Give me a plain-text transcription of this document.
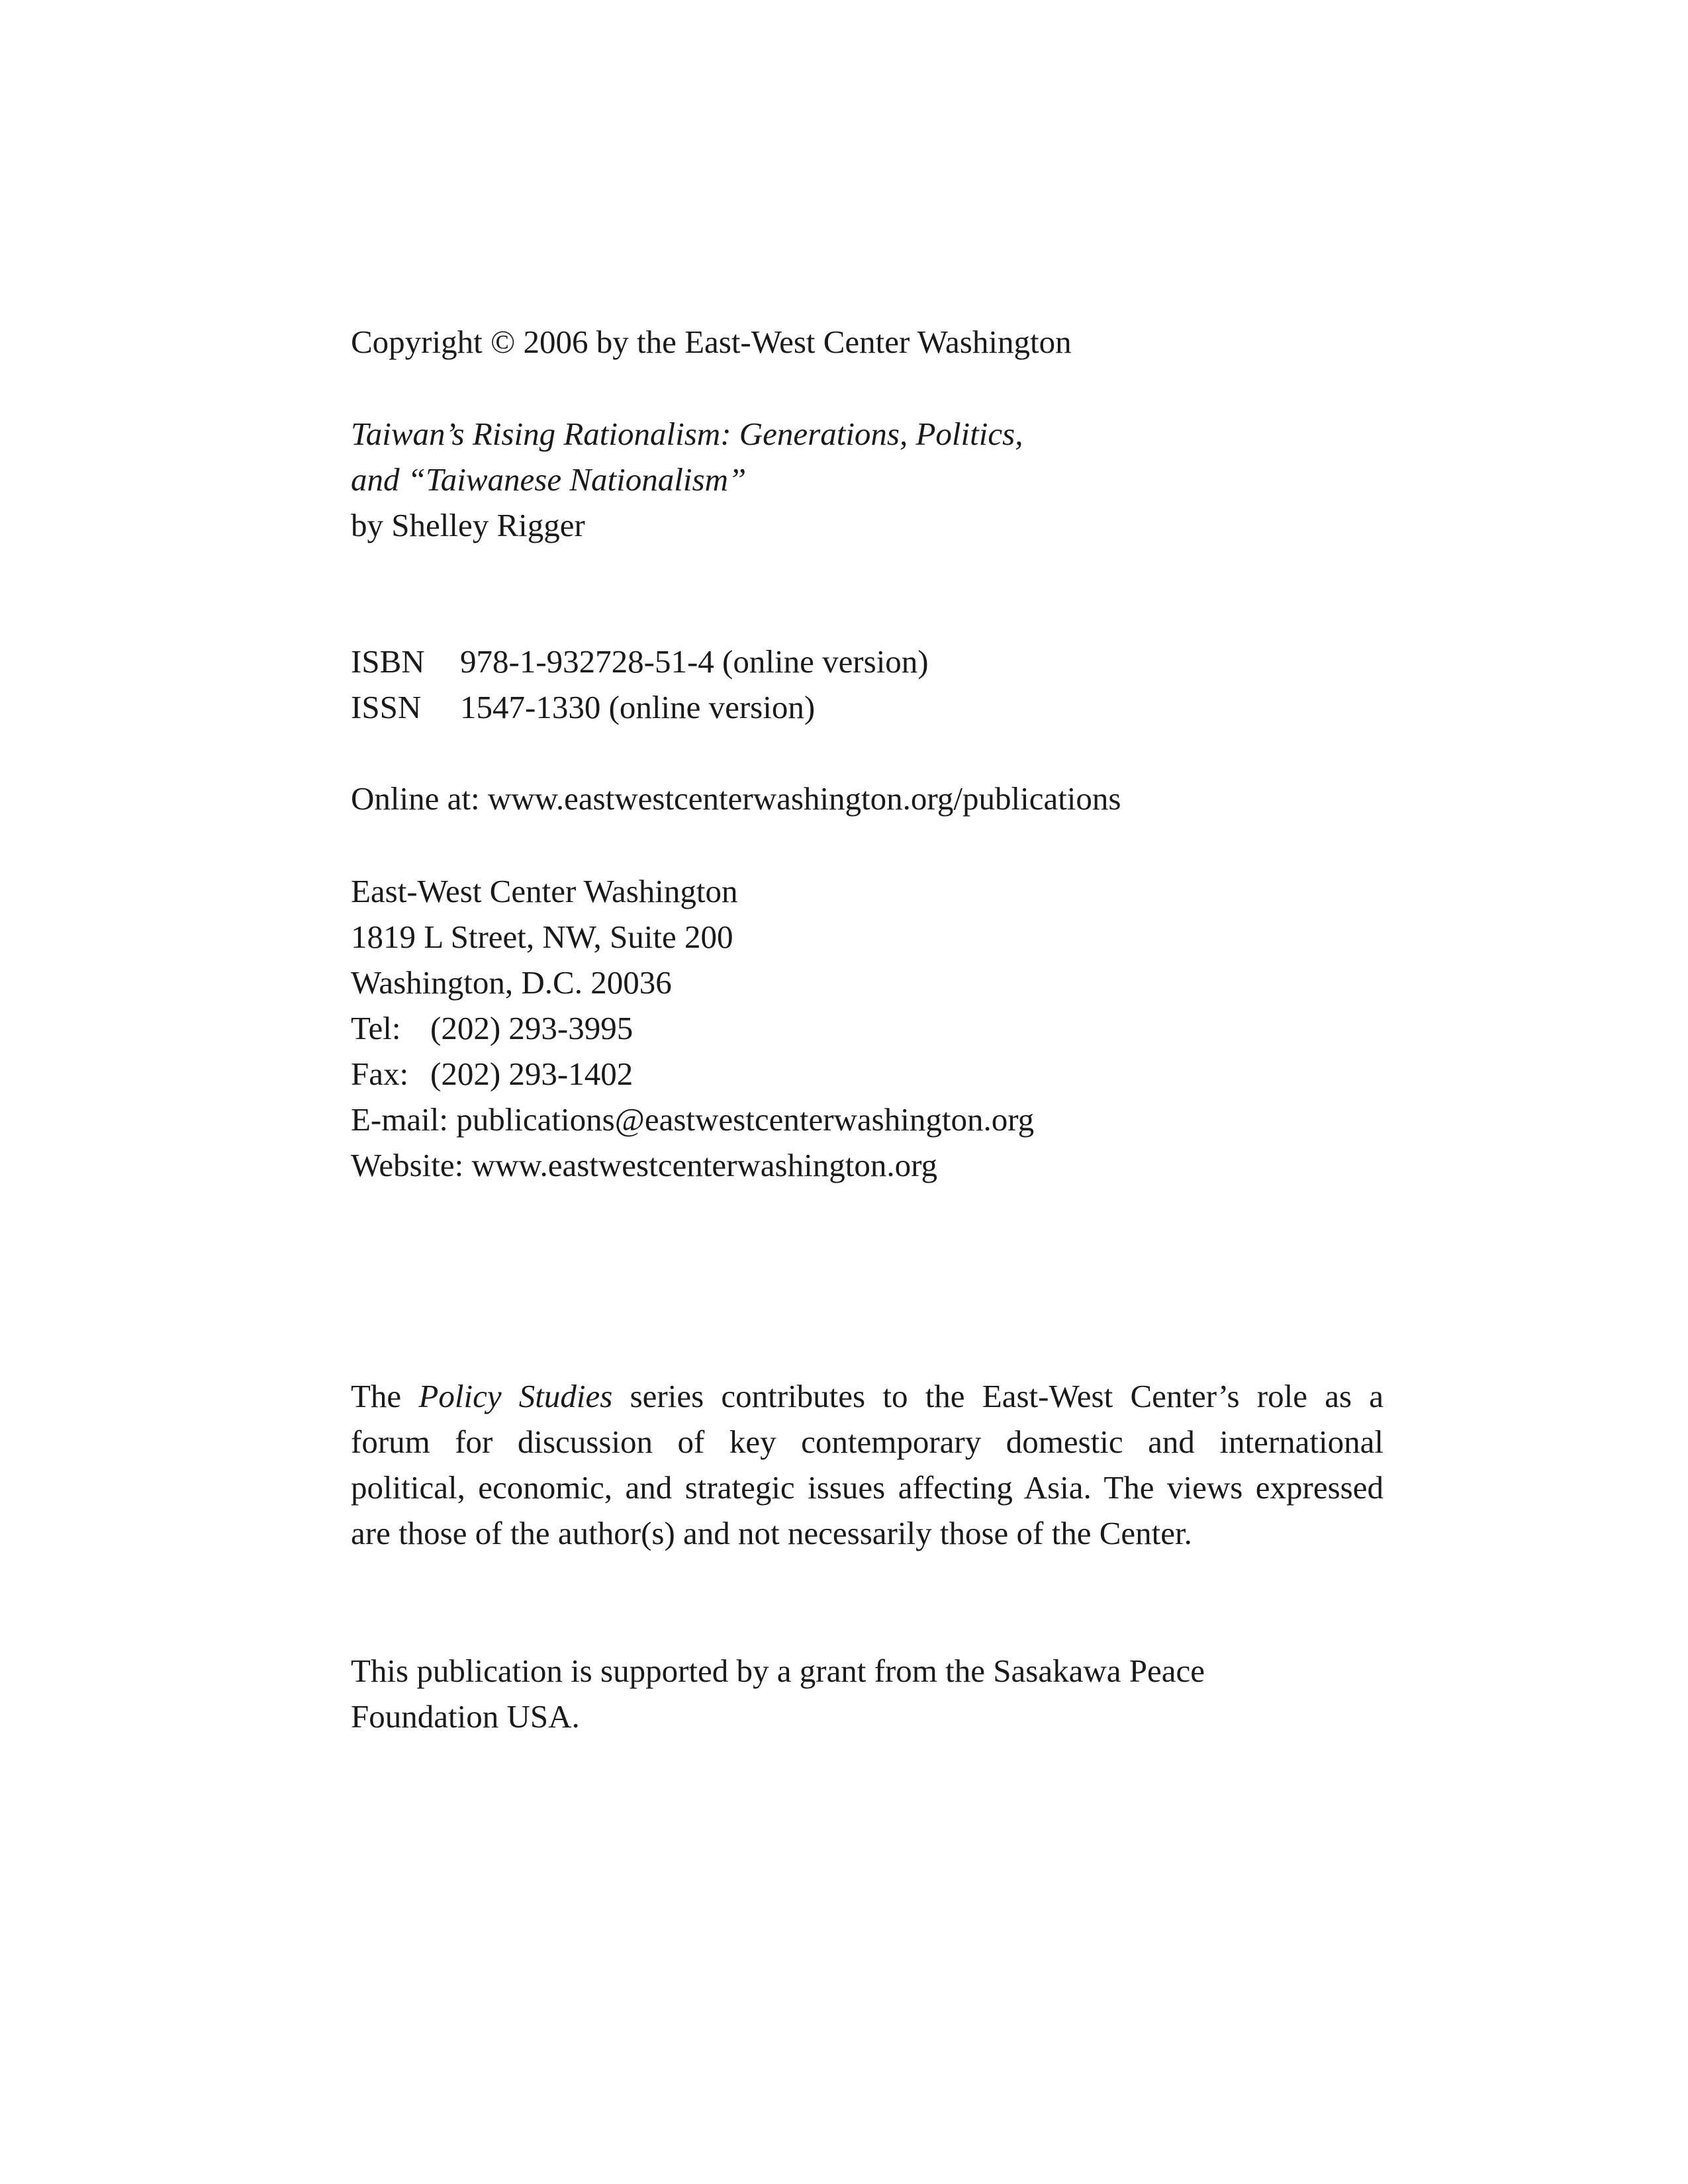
Copyright © 2006 by the East-West Center Washington
Taiwan’s Rising Rationalism: Generations, Politics,
and “Taiwanese Nationalism”
by Shelley Rigger
ISBN 978-1-932728-51-4 (online version)
ISSN 1547-1330 (online version)
Online at: www.eastwestcenterwashington.org/publications
East-West Center Washington
1819 L Street, NW, Suite 200
Washington, D.C. 20036
Tel: (202) 293-3995
Fax: (202) 293-1402
E-mail: publications@eastwestcenterwashington.org
Website: www.eastwestcenterwashington.org
The Policy Studies series contributes to the East-West Center’s role as a
forum for discussion of key contemporary domestic and international
political, economic, and strategic issues affecting Asia. The views expressed
are those of the author(s) and not necessarily those of the Center.
This publication is supported by a grant from the Sasakawa Peace
Foundation USA.
